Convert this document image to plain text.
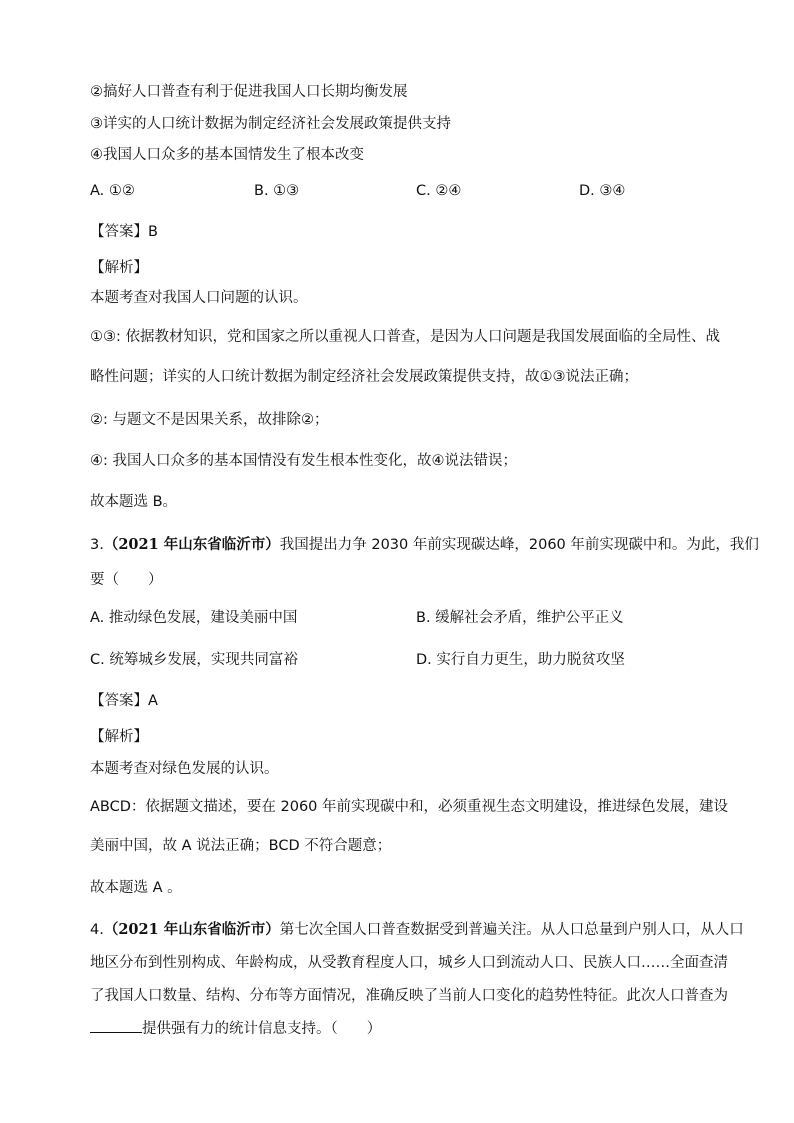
②搞好人口普查有利于促进我国人口长期均衡发展
③详实的人口统计数据为制定经济社会发展政策提供支持
④我国人口众多的基本国情发生了根本改变
A. ①②	B. ①③	C. ②④	D. ③④
【答案】B
【解析】
本题考查对我国人口问题的认识。
①③: 依据教材知识，党和国家之所以重视人口普查，是因为人口问题是我国发展面临的全局性、战
略性问题；详实的人口统计数据为制定经济社会发展政策提供支持，故①③说法正确；
②: 与题文不是因果关系，故排除②；
④: 我国人口众多的基本国情没有发生根本性变化，故④说法错误；
故本题选 B。
3.（2021 年山东省临沂市）我国提出力争 2030 年前实现碳达峰，2060 年前实现碳中和。为此，我们
要（　　）
A. 推动绿色发展，建设美丽中国	B. 缓解社会矛盾，维护公平正义
C. 统筹城乡发展，实现共同富裕	D. 实行自力更生，助力脱贫攻坚
【答案】A
【解析】
本题考查对绿色发展的认识。
ABCD：依据题文描述，要在 2060 年前实现碳中和，必须重视生态文明建设，推进绿色发展，建设
美丽中国，故 A 说法正确；BCD 不符合题意；
故本题选 A 。
4.（2021 年山东省临沂市）第七次全国人口普查数据受到普遍关注。从人口总量到户别人口，从人口
地区分布到性别构成、年龄构成，从受教育程度人口，城乡人口到流动人口、民族人口……全面查清
了我国人口数量、结构、分布等方面情况，准确反映了当前人口变化的趋势性特征。此次人口普查为
提供强有力的统计信息支持。（　　）
